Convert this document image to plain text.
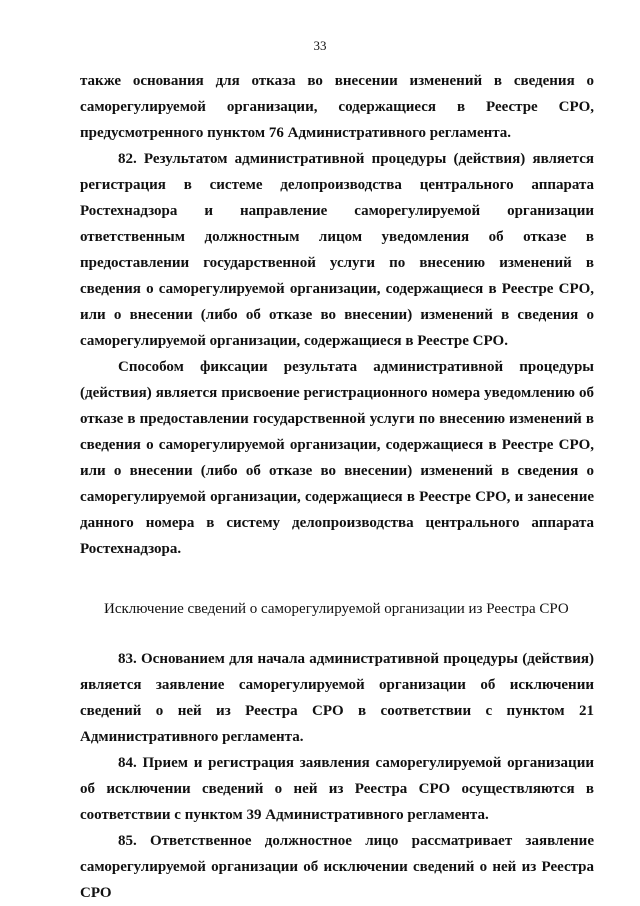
33

также основания для отказа во внесении изменений в сведения о саморегулируемой организации, содержащиеся в Реестре СРО, предусмотренного пунктом 76 Административного регламента.

82. Результатом административной процедуры (действия) является регистрация в системе делопроизводства центрального аппарата Ростехнадзора и направление саморегулируемой организации ответственным должностным лицом уведомления об отказе в предоставлении государственной услуги по внесению изменений в сведения о саморегулируемой организации, содержащиеся в Реестре СРО, или о внесении (либо об отказе во внесении) изменений в сведения о саморегулируемой организации, содержащиеся в Реестре СРО.

Способом фиксации результата административной процедуры (действия) является присвоение регистрационного номера уведомлению об отказе в предоставлении государственной услуги по внесению изменений в сведения о саморегулируемой организации, содержащиеся в Реестре СРО, или о внесении (либо об отказе во внесении) изменений в сведения о саморегулируемой организации, содержащиеся в Реестре СРО, и занесение данного номера в систему делопроизводства центрального аппарата Ростехнадзора.

Исключение сведений о саморегулируемой организации из Реестра СРО

83. Основанием для начала административной процедуры (действия) является заявление саморегулируемой организации об исключении сведений о ней из Реестра СРО в соответствии с пунктом 21 Административного регламента.

84. Прием и регистрация заявления саморегулируемой организации об исключении сведений о ней из Реестра СРО осуществляются в соответствии с пунктом 39 Административного регламента.

85. Ответственное должностное лицо рассматривает заявление саморегулируемой организации об исключении сведений о ней из Реестра СРО
